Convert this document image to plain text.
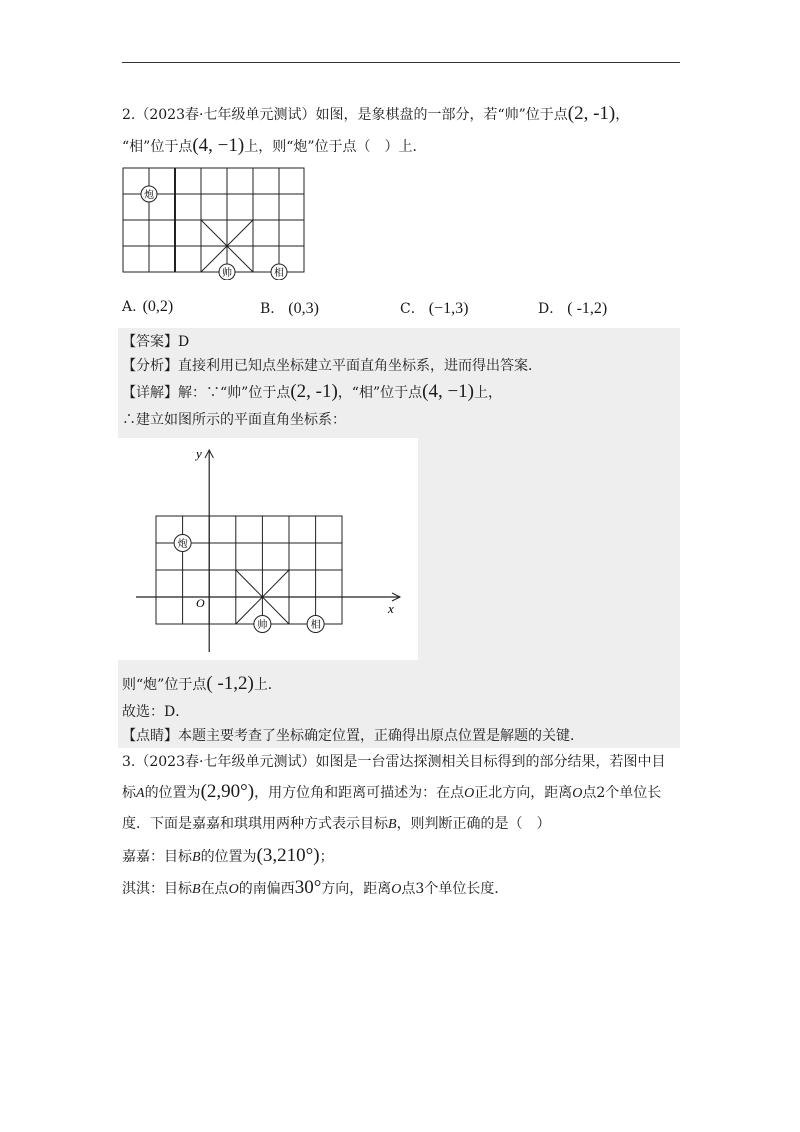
2.（2023春·七年级单元测试）如图，是象棋盘的一部分，若“帅”位于点(2, -1)，
“相”位于点(4, −1)上，则“炮”位于点（　）上．
炮
帅	相
A. (0,2)	B． (0,3)	C． (−1,3)	D． ( -1,2)
【答案】D
【分析】直接利用已知点坐标建立平面直角坐标系，进而得出答案．
【详解】解：∵“帅”位于点(2, -1)，“相”位于点(4, −1)上，
∴建立如图所示的平面直角坐标系：
y
x
O
炮
帅	相
则“炮”位于点( -1,2)上．
故选：D．
【点睛】本题主要考查了坐标确定位置，正确得出原点位置是解题的关键．
3.（2023春·七年级单元测试）如图是一台雷达探测相关目标得到的部分结果，若图中目
标A的位置为(2,90°)，用方位角和距离可描述为：在点O正北方向，距离O点2个单位长
度．下面是嘉嘉和琪琪用两种方式表示目标B，则判断正确的是（　）
嘉嘉：目标B的位置为(3,210°)；
淇淇：目标B在点O的南偏西30°方向，距离O点3个单位长度．
